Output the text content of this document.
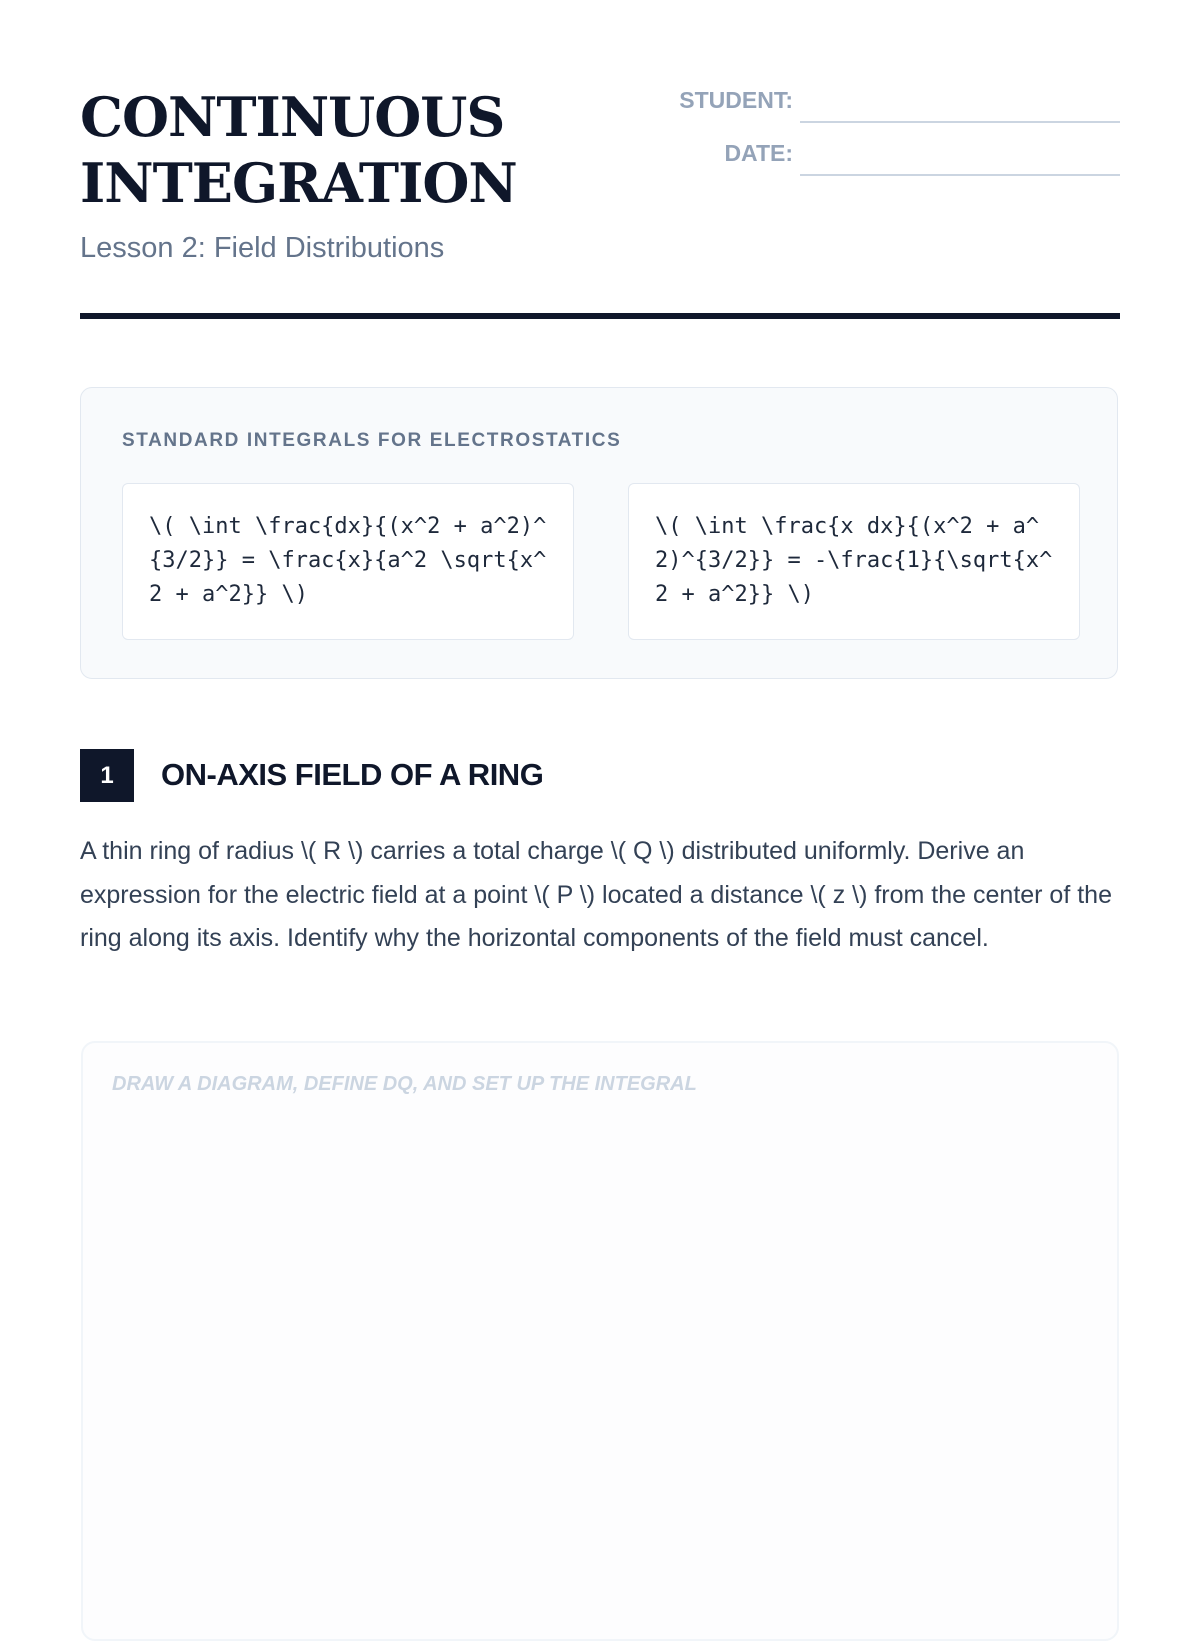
CONTINUOUS
INTEGRATION
Lesson 2: Field Distributions
STUDENT:
DATE:
STANDARD INTEGRALS FOR ELECTROSTATICS
\( \int \frac{dx}{(x^2 + a^2)^{3/2}} = \frac{x}{a^2 \sqrt{x^2 + a^2}} \)
\( \int \frac{x dx}{(x^2 + a^2)^{3/2}} = -\frac{1}{\sqrt{x^2 + a^2}} \)
1	ON-AXIS FIELD OF A RING

A thin ring of radius \( R \) carries a total charge \( Q \) distributed uniformly. Derive an expression for the electric field at a point \( P \) located a distance \( z \) from the center of the ring along its axis. Identify why the horizontal components of the field must cancel.

DRAW A DIAGRAM, DEFINE DQ, AND SET UP THE INTEGRAL
